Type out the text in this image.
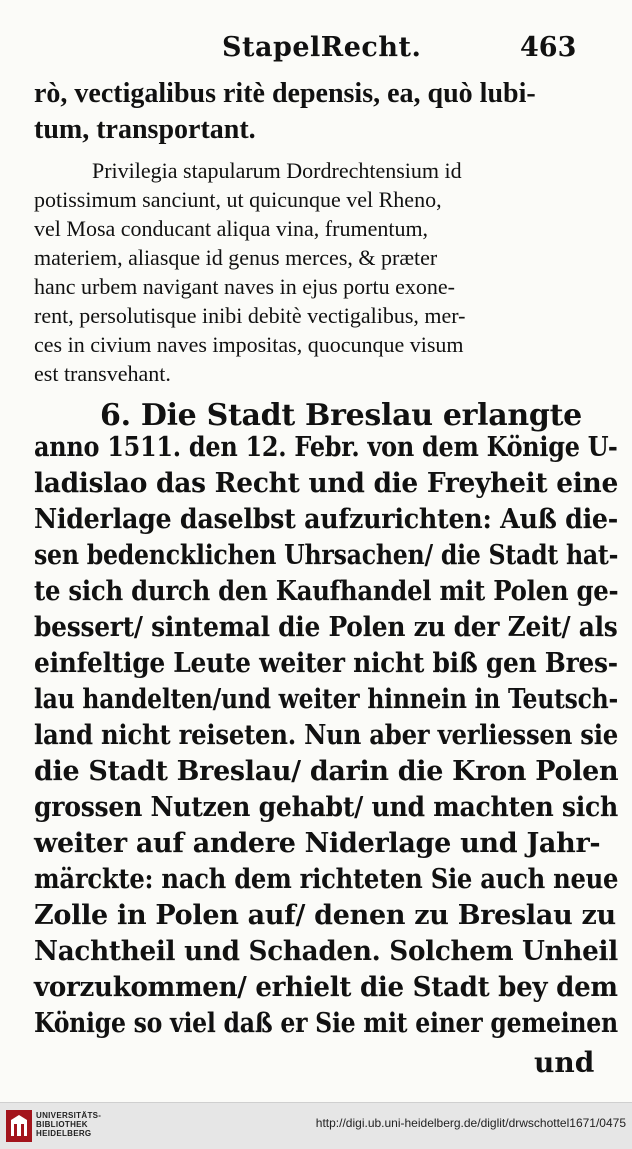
StapelRecht.	463
rò, vectigalibus ritè depensis, ea, quò lubi-
tum, transportant.
Privilegia stapularum Dordrechtensium id
potissimum sanciunt, ut quicunque vel Rheno,
vel Mosa conducant aliqua vina, frumentum,
materiem, aliasque id genus merces, & præter
hanc urbem navigant naves in ejus portu exone-
rent, persolutisque inibi debitè vectigalibus, mer-
ces in civium naves impositas, quocunque visum
est transvehant.
6. Die Stadt Breslau erlangte
anno 1511. den 12. Febr. von dem Könige U-
ladislao das Recht und die Freyheit eine
Niderlage daselbst aufzurichten: Auß die-
sen bedencklichen Uhrsachen/ die Stadt hat-
te sich durch den Kaufhandel mit Polen ge-
bessert/ sintemal die Polen zu der Zeit/ als
einfeltige Leute weiter nicht biß gen Bres-
lau handelten/und weiter hinnein in Teutsch-
land nicht reiseten. Nun aber verliessen sie
die Stadt Breslau/ darin die Kron Polen
grossen Nutzen gehabt/ und machten sich
weiter auf andere Niderlage und Jahr-
märckte: nach dem richteten Sie auch neue
Zolle in Polen auf/ denen zu Breslau zu
Nachtheil und Schaden. Solchem Unheil
vorzukommen/ erhielt die Stadt bey dem
Könige so viel daß er Sie mit einer gemeinen
und
UNIVERSITÄTS-
BIBLIOTHEK
HEIDELBERG
http://digi.ub.uni-heidelberg.de/diglit/drwschottel1671/0475
